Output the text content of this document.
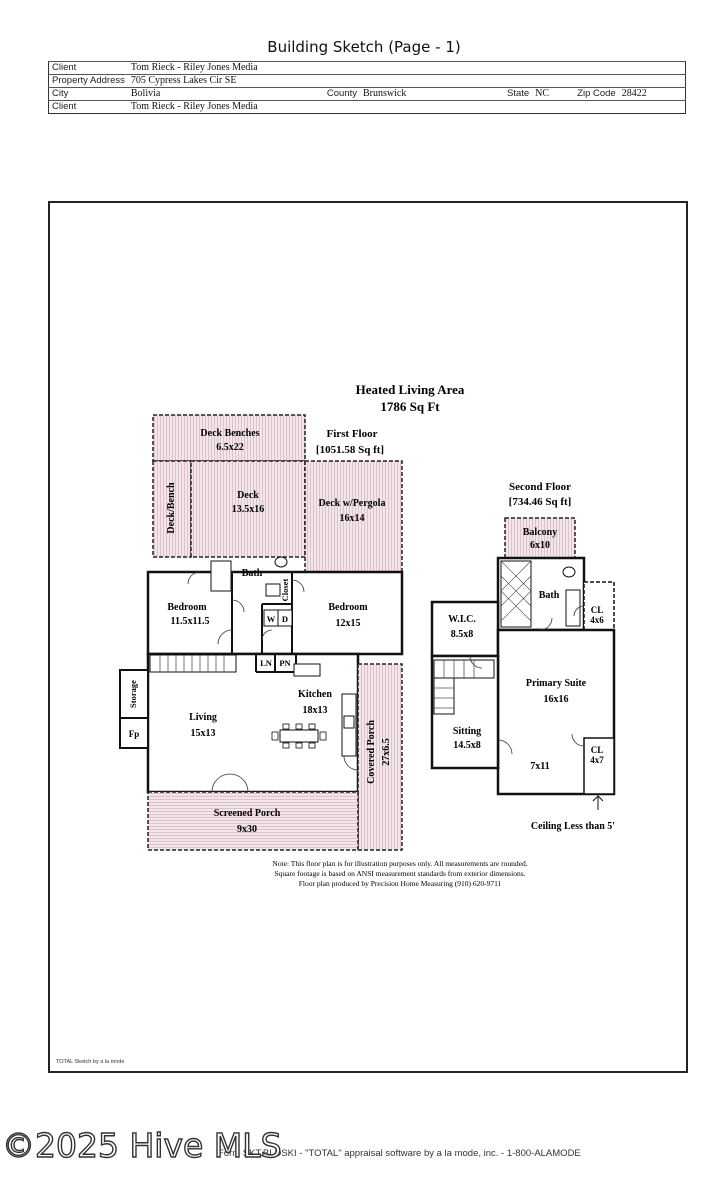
Building Sketch (Page - 1)
Client	Tom Rieck - Riley Jones Media						
Property Address	705 Cypress Lakes Cir SE						
City	Bolivia	County	Brunswick	State	NC	Zip Code	28422
Client	Tom Rieck - Riley Jones Media						
Heated Living Area
1786 Sq Ft
First Floor
[1051.58 Sq ft]
Second Floor
[734.46 Sq ft]
Deck Benches
6.5x22
Deck
13.5x16
Deck/Bench	Deck w/Pergola
16x14
Bath
Closet
Bedroom
11.5x11.5
Bedroom
12x15
W D
LN PN
Storage
Fp
Living
15x13
Kitchen
18x13
Covered Porch 27x6.5
Screened Porch
9x30
Balcony
6x10
Bath
CL
4x6
W.I.C.
8.5x8
Primary Suite
16x16
Sitting
14.5x8	CL
4x7
7x11
Ceiling Less than 5'
Note: This floor plan is for illustration purposes only. All measurements are rounded.
Square footage is based on ANSI measurement standards from exterior dimensions.
Floor plan produced by Precision Home Measuring (910) 620-9711
TOTAL Sketch by a la mode
Form SKT.BLDSKI - "TOTAL" appraisal software by a la mode, inc. - 1-800-ALAMODE
©2025 Hive MLS
